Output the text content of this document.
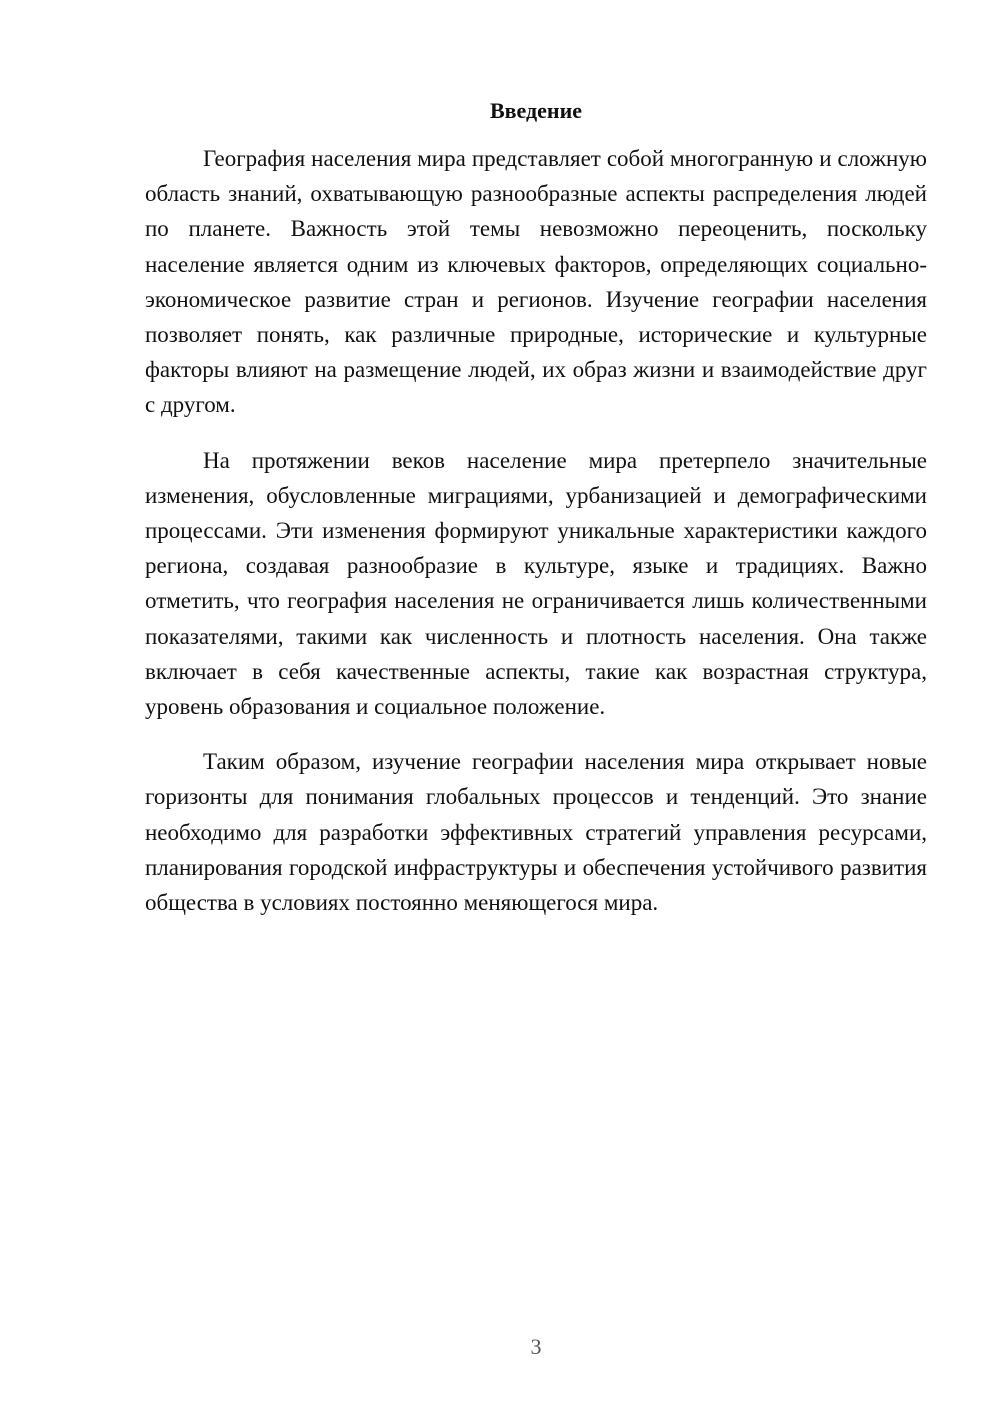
Введение

География населения мира представляет собой многогранную и сложную область знаний, охватывающую разнообразные аспекты распределения людей по планете. Важность этой темы невозможно переоценить, поскольку население является одним из ключевых факторов, определяющих социально-экономическое развитие стран и регионов. Изучение географии населения позволяет понять, как различные природные, исторические и культурные факторы влияют на размещение людей, их образ жизни и взаимодействие друг с другом.

На протяжении веков население мира претерпело значительные изменения, обусловленные миграциями, урбанизацией и демографическими процессами. Эти изменения формируют уникальные характеристики каждого региона, создавая разнообразие в культуре, языке и традициях. Важно отметить, что география населения не ограничивается лишь количественными показателями, такими как численность и плотность населения. Она также включает в себя качественные аспекты, такие как возрастная структура, уровень образования и социальное положение.

Таким образом, изучение географии населения мира открывает новые горизонты для понимания глобальных процессов и тенденций. Это знание необходимо для разработки эффективных стратегий управления ресурсами, планирования городской инфраструктуры и обеспечения устойчивого развития общества в условиях постоянно меняющегося мира.

3
